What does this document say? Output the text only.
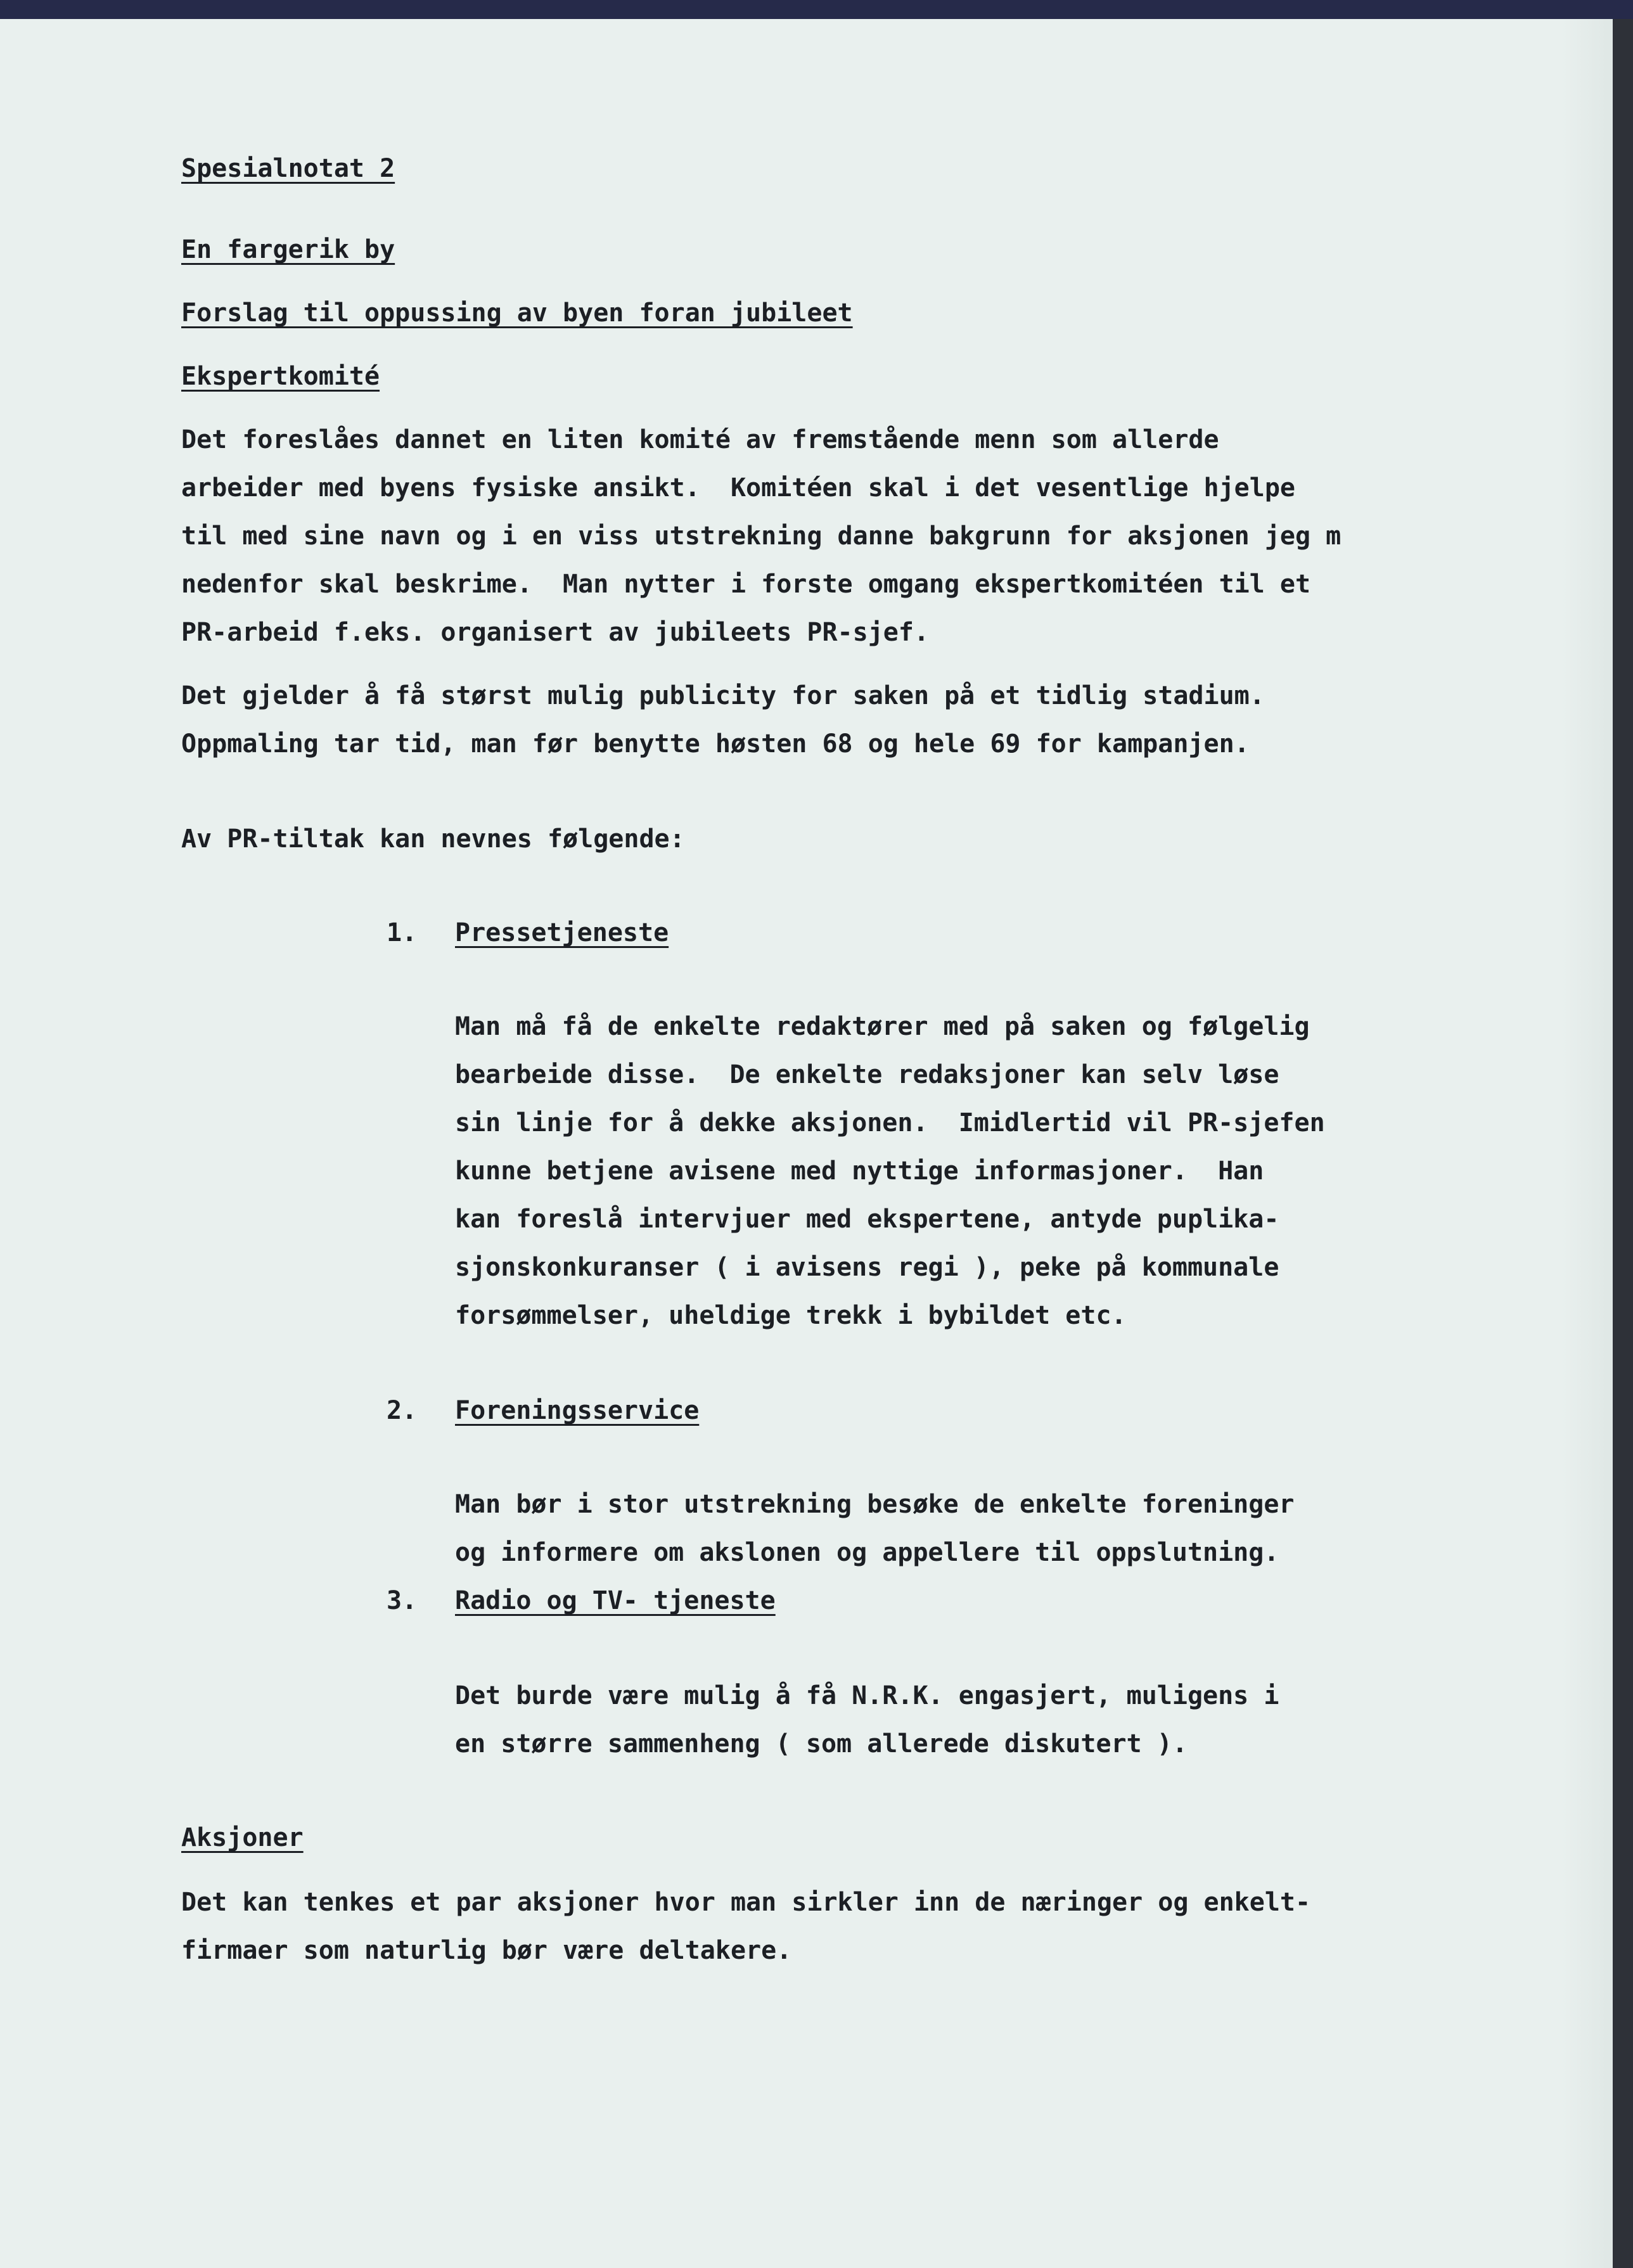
Spesialnotat 2
En fargerik by
Forslag til oppussing av byen foran jubileet
Ekspertkomité
Det foreslåes dannet en liten komité av fremstående menn som allerde
arbeider med byens fysiske ansikt.  Komitéen skal i det vesentlige hjelpe
til med sine navn og i en viss utstrekning danne bakgrunn for aksjonen jeg m
nedenfor skal beskrime.  Man nytter i forste omgang ekspertkomitéen til et
PR-arbeid f.eks. organisert av jubileets PR-sjef.
Det gjelder å få størst mulig publicity for saken på et tidlig stadium.
Oppmaling tar tid, man før benytte høsten 68 og hele 69 for kampanjen.
Av PR-tiltak kan nevnes følgende:
1. Pressetjeneste
Man må få de enkelte redaktører med på saken og følgelig
bearbeide disse.  De enkelte redaksjoner kan selv løse
sin linje for å dekke aksjonen.  Imidlertid vil PR-sjefen
kunne betjene avisene med nyttige informasjoner.  Han
kan foreslå intervjuer med ekspertene, antyde puplika-
sjonskonkuranser ( i avisens regi ), peke på kommunale
forsømmelser, uheldige trekk i bybildet etc.
2. Foreningsservice
Man bør i stor utstrekning besøke de enkelte foreninger
og informere om akslonen og appellere til oppslutning.
3. Radio og TV- tjeneste
Det burde være mulig å få N.R.K. engasjert, muligens i
en større sammenheng ( som allerede diskutert ).
Aksjoner
Det kan tenkes et par aksjoner hvor man sirkler inn de næringer og enkelt-
firmaer som naturlig bør være deltakere.
